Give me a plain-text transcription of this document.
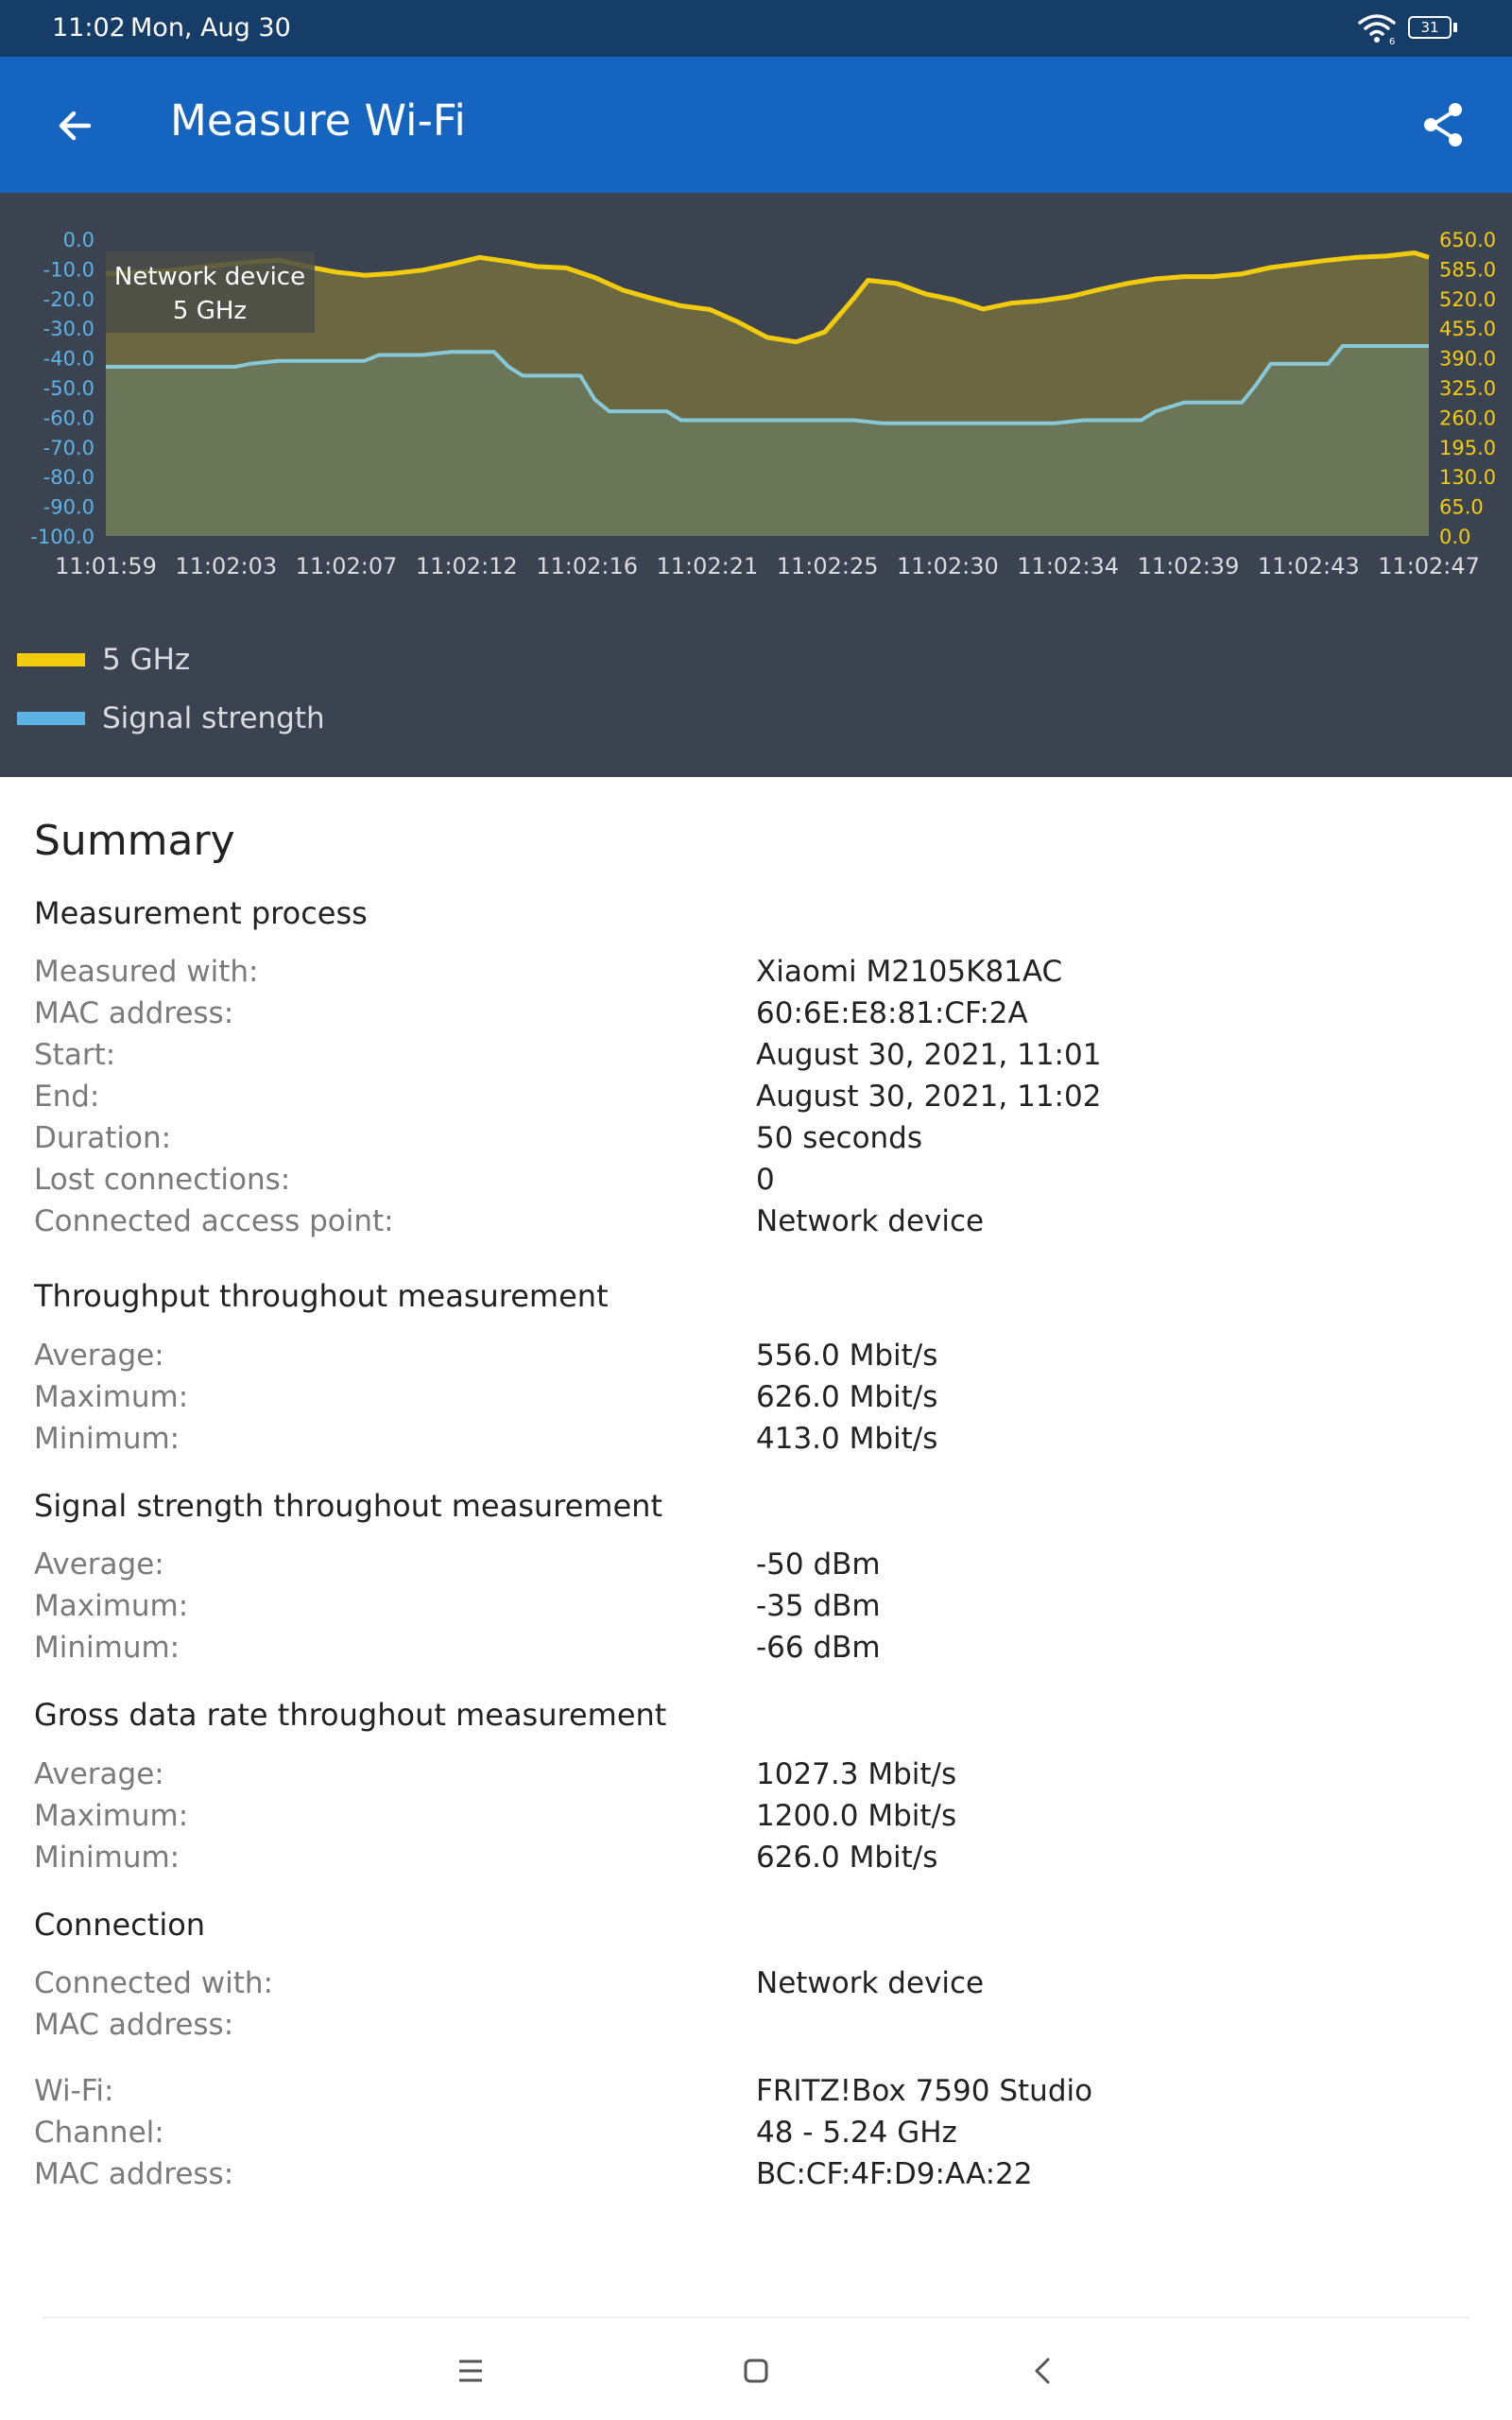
11:02 Mon, Aug 30	6
31
Measure Wi-Fi
0.0
-10.0
-20.0
-30.0
-40.0
-50.0
-60.0
-70.0
-80.0
-90.0
-100.0
650.0
585.0
520.0
455.0
390.0
325.0
260.0
195.0
130.0
65.0
0.0
11:01:59 11:02:03 11:02:07 11:02:12 11:02:16 11:02:21 11:02:25 11:02:30 11:02:34 11:02:39 11:02:43 11:02:47
Network device
5 GHz
5 GHz
Signal strength
Summary
Measurement process
Measured with:	Xiaomi M2105K81AC
MAC address:	60:6E:E8:81:CF:2A
Start:	August 30, 2021, 11:01
End:	August 30, 2021, 11:02
Duration:	50 seconds
Lost connections:	0
Connected access point:	Network device
Throughput throughout measurement
Average:	556.0 Mbit/s
Maximum:	626.0 Mbit/s
Minimum:	413.0 Mbit/s
Signal strength throughout measurement
Average:	-50 dBm
Maximum:	-35 dBm
Minimum:	-66 dBm
Gross data rate throughout measurement
Average:	1027.3 Mbit/s
Maximum:	1200.0 Mbit/s
Minimum:	626.0 Mbit/s
Connection
Connected with:	Network device
MAC address:
Wi-Fi:	FRITZ!Box 7590 Studio
Channel:	48 - 5.24 GHz
MAC address:	BC:CF:4F:D9:AA:22
